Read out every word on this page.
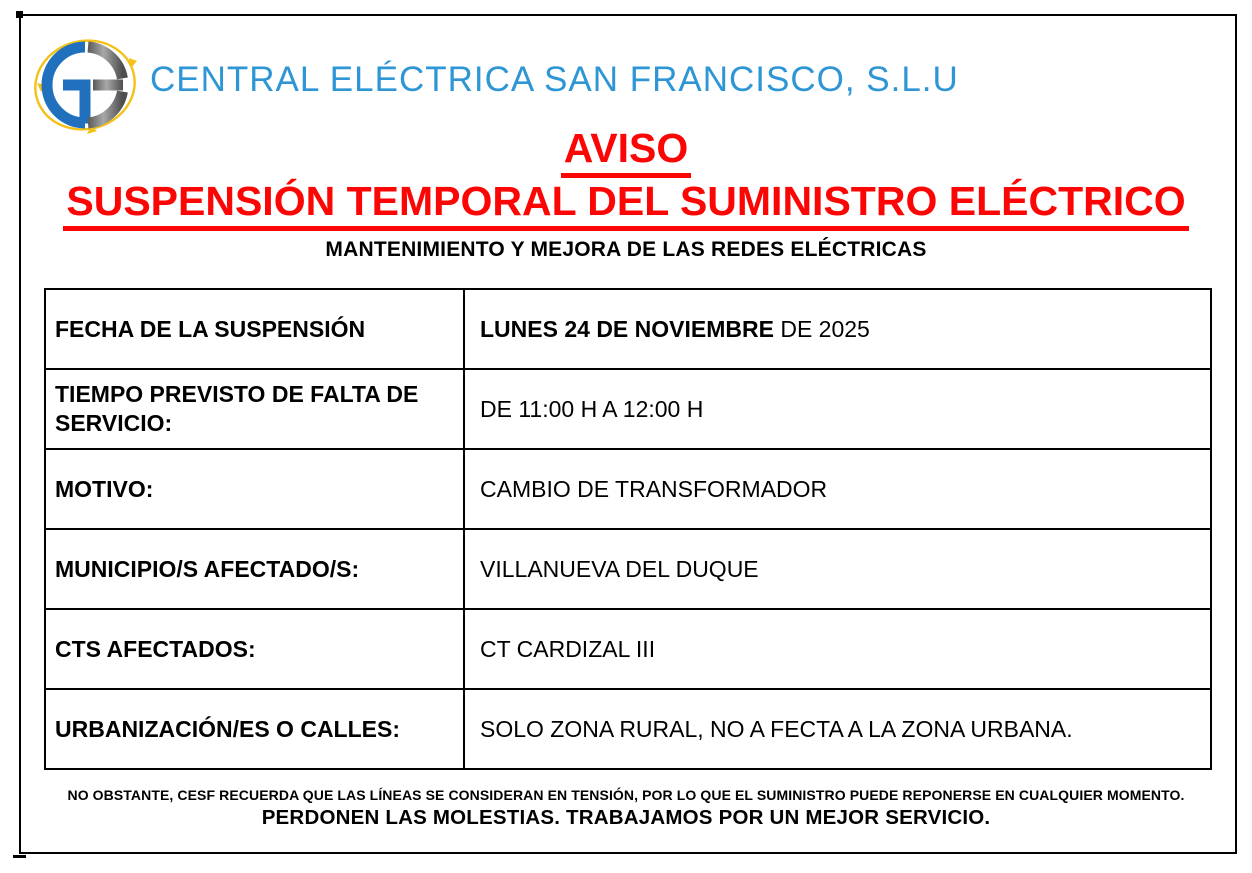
CENTRAL ELÉCTRICA SAN FRANCISCO, S.L.U
AVISO
SUSPENSIÓN TEMPORAL DEL SUMINISTRO ELÉCTRICO
MANTENIMIENTO Y MEJORA DE LAS REDES ELÉCTRICAS
FECHA DE LA SUSPENSIÓN	LUNES 24 DE NOVIEMBRE DE 2025
TIEMPO PREVISTO DE FALTA DE SERVICIO:	DE 11:00 H A 12:00 H
MOTIVO:	CAMBIO DE TRANSFORMADOR
MUNICIPIO/S AFECTADO/S:	VILLANUEVA DEL DUQUE
CTS AFECTADOS:	CT CARDIZAL III
URBANIZACIÓN/ES O CALLES:	SOLO ZONA RURAL, NO A FECTA A LA ZONA URBANA.
NO OBSTANTE, CESF RECUERDA QUE LAS LÍNEAS SE CONSIDERAN EN TENSIÓN, POR LO QUE EL SUMINISTRO PUEDE REPONERSE EN CUALQUIER MOMENTO.
PERDONEN LAS MOLESTIAS. TRABAJAMOS POR UN MEJOR SERVICIO.
